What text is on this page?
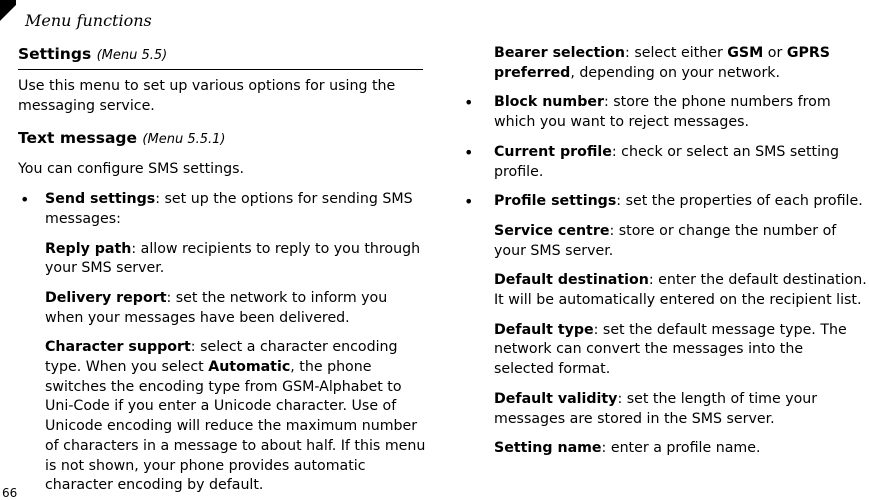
Menu functions
Settings (Menu 5.5)

Use this menu to set up various options for using the messaging service.

Text message (Menu 5.5.1)

You can configure SMS settings.

• Send settings: set up the options for sending SMS messages:

Reply path: allow recipients to reply to you through your SMS server.

Delivery report: set the network to inform you when your messages have been delivered.

Character support: select a character encoding type. When you select Automatic, the phone switches the encoding type from GSM-Alphabet to Uni-Code if you enter a Unicode character. Use of Unicode encoding will reduce the maximum number of characters in a message to about half. If this menu is not shown, your phone provides automatic character encoding by default.

Bearer selection: select either GSM or GPRS preferred, depending on your network.

• Block number: store the phone numbers from which you want to reject messages.

• Current profile: check or select an SMS setting profile.

• Profile settings: set the properties of each profile.

Service centre: store or change the number of your SMS server.

Default destination: enter the default destination. It will be automatically entered on the recipient list.

Default type: set the default message type. The network can convert the messages into the selected format.

Default validity: set the length of time your messages are stored in the SMS server.

Setting name: enter a profile name.

66
